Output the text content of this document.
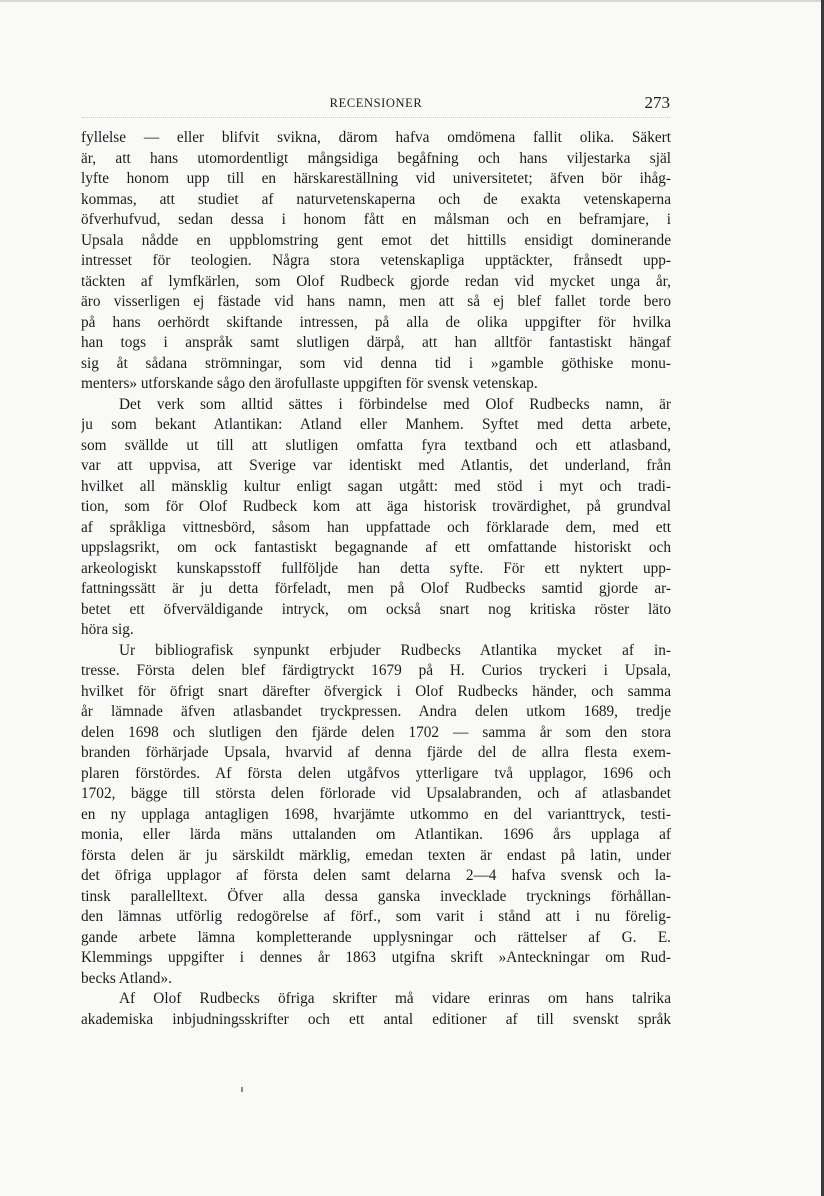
RECENSIONER	273
fyllelse — eller blifvit svikna, därom hafva omdömena fallit olika. Säkert
är, att hans utomordentligt mångsidiga begåfning och hans viljestarka själ
lyfte honom upp till en härskareställning vid universitetet; äfven bör ihåg-
kommas, att studiet af naturvetenskaperna och de exakta vetenskaperna
öfverhufvud, sedan dessa i honom fått en målsman och en beframjare, i
Upsala nådde en uppblomstring gent emot det hittills ensidigt dominerande
intresset för teologien. Några stora vetenskapliga upptäckter, frånsedt upp-
täckten af lymfkärlen, som Olof Rudbeck gjorde redan vid mycket unga år,
äro visserligen ej fästade vid hans namn, men att så ej blef fallet torde bero
på hans oerhördt skiftande intressen, på alla de olika uppgifter för hvilka
han togs i anspråk samt slutligen därpå, att han alltför fantastiskt hängaf
sig åt sådana strömningar, som vid denna tid i »gamble göthiske monu-
menters» utforskande sågo den ärofullaste uppgiften för svensk vetenskap.
Det verk som alltid sättes i förbindelse med Olof Rudbecks namn, är
ju som bekant Atlantikan: Atland eller Manhem. Syftet med detta arbete,
som svällde ut till att slutligen omfatta fyra textband och ett atlasband,
var att uppvisa, att Sverige var identiskt med Atlantis, det underland, från
hvilket all mänsklig kultur enligt sagan utgått: med stöd i myt och tradi-
tion, som för Olof Rudbeck kom att äga historisk trovärdighet, på grundval
af språkliga vittnesbörd, såsom han uppfattade och förklarade dem, med ett
uppslagsrikt, om ock fantastiskt begagnande af ett omfattande historiskt och
arkeologiskt kunskapsstoff fullföljde han detta syfte. För ett nyktert upp-
fattningssätt är ju detta förfeladt, men på Olof Rudbecks samtid gjorde ar-
betet ett öfverväldigande intryck, om också snart nog kritiska röster läto
höra sig.
Ur bibliografisk synpunkt erbjuder Rudbecks Atlantika mycket af in-
tresse. Första delen blef färdigtryckt 1679 på H. Curios tryckeri i Upsala,
hvilket för öfrigt snart därefter öfvergick i Olof Rudbecks händer, och samma
år lämnade äfven atlasbandet tryckpressen. Andra delen utkom 1689, tredje
delen 1698 och slutligen den fjärde delen 1702 — samma år som den stora
branden förhärjade Upsala, hvarvid af denna fjärde del de allra flesta exem-
plaren förstördes. Af första delen utgåfvos ytterligare två upplagor, 1696 och
1702, bägge till största delen förlorade vid Upsalabranden, och af atlasbandet
en ny upplaga antagligen 1698, hvarjämte utkommo en del varianttryck, testi-
monia, eller lärda mäns uttalanden om Atlantikan. 1696 års upplaga af
första delen är ju särskildt märklig, emedan texten är endast på latin, under
det öfriga upplagor af första delen samt delarna 2—4 hafva svensk och la-
tinsk parallelltext. Öfver alla dessa ganska invecklade trycknings förhållan-
den lämnas utförlig redogörelse af förf., som varit i stånd att i nu förelig-
gande arbete lämna kompletterande upplysningar och rättelser af G. E.
Klemmings uppgifter i dennes år 1863 utgifna skrift »Anteckningar om Rud-
becks Atland».
Af Olof Rudbecks öfriga skrifter må vidare erinras om hans talrika
akademiska inbjudningsskrifter och ett antal editioner af till svenskt språk
